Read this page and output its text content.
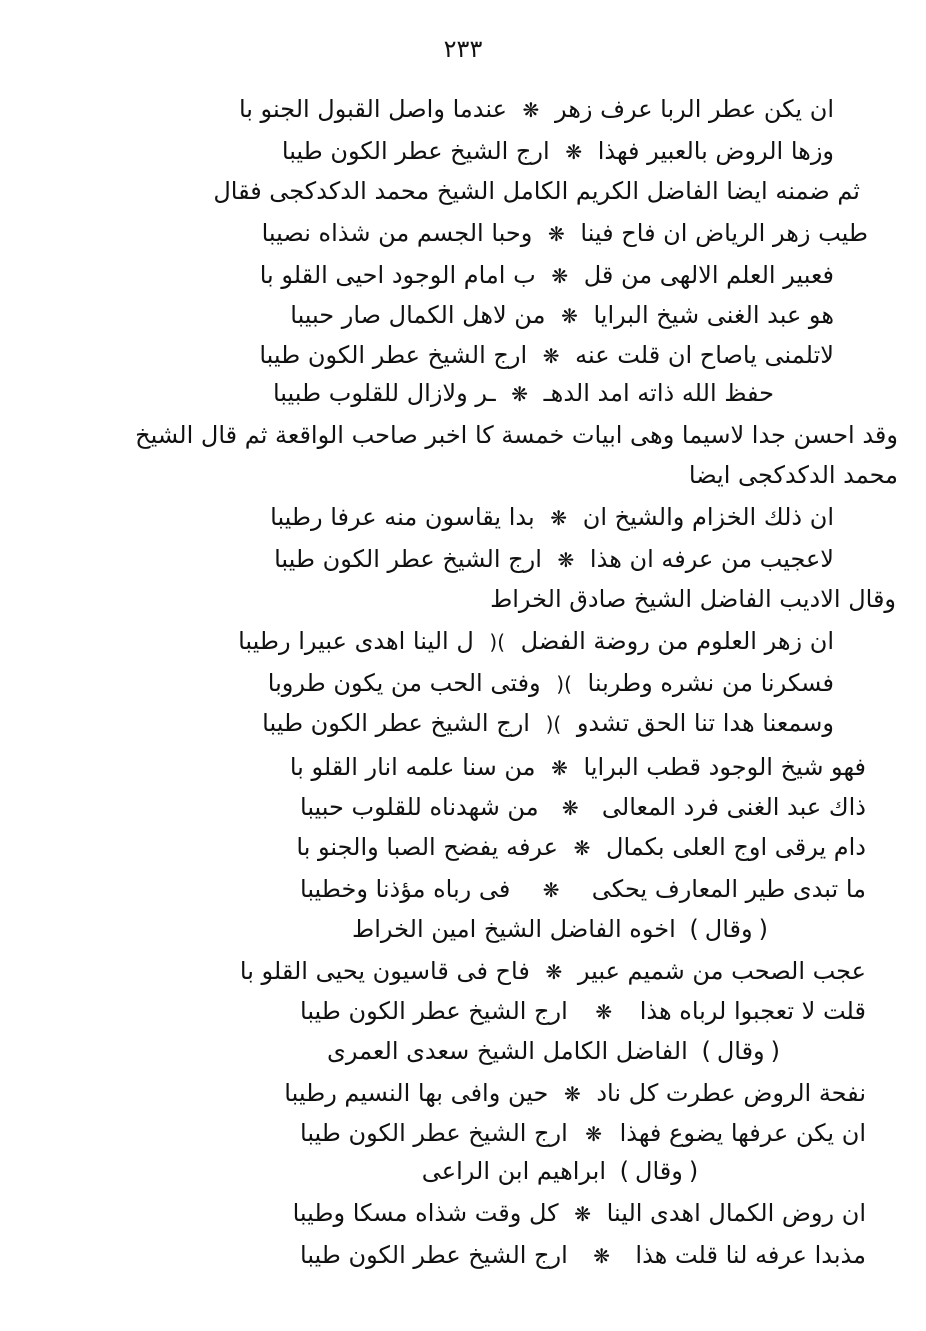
٢٣٣
ان يكن عطر الربا عرف زهر ❋ عندما واصل القبول الجنو با
وزها الروض بالعبير فهذا ❋ ارج الشيخ عطر الكون طيبا
ثم ضمنه ايضا الفاضل الكريم الكامل الشيخ محمد الدكدكجى فقال
طيب زهر الرياض ان فاح فينا ❋ وحبا الجسم من شذاه نصيبا
فعبير العلم الالهى من قل ❋ ب امام الوجود احيى القلو با
هو عبد الغنى شيخ البرايا ❋ من لاهل الكمال صار حبيبا
لاتلمنى ياصاح ان قلت عنه ❋ ارج الشيخ عطر الكون طيبا
حفظ الله ذاته امد الدهـ ❋ ـر ولازال للقلوب طبيبا
وقد احسن جدا لاسيما وهى ابيات خمسة كا اخبر صاحب الواقعة ثم قال الشيخ
محمد الدكدكجى ايضا
ان ذلك الخزام والشيخ ان ❋ بدا يقاسون منه عرفا رطيبا
لاعجيب من عرفه ان هذا ❋ ارج الشيخ عطر الكون طيبا
وقال الاديب الفاضل الشيخ صادق الخراط
ان زهر العلوم من روضة الفضل )( ل الينا اهدى عبيرا رطيبا
فسكرنا من نشره وطربنا )( وفتى الحب من يكون طروبا
وسمعنا هدا تنا الحق تشدو )( ارج الشيخ عطر الكون طيبا
فهو شيخ الوجود قطب البرايا ❋ من سنا علمه انار القلو با
ذاك عبد الغنى فرد المعالى ❋ من شهدناه للقلوب حبيبا
دام يرقى اوج العلى بكمال ❋ عرفه يفضح الصبا والجنو با
ما تبدى طير المعارف يحكى ❋ فى رباه مؤذنا وخطيبا
(وقال) اخوه الفاضل الشيخ امين الخراط
عجب الصحب من شميم عبير ❋ فاح فى قاسيون يحيى القلو با
قلت لا تعجبوا لرباه هذا ❋ ارج الشيخ عطر الكون طيبا
(وقال) الفاضل الكامل الشيخ سعدى العمرى
نفحة الروض عطرت كل ناد ❋ حين وافى بها النسيم رطيبا
ان يكن عرفها يضوع فهذا ❋ ارج الشيخ عطر الكون طيبا
(وقال) ابراهيم ابن الراعى
ان روض الكمال اهدى الينا ❋ كل وقت شذاه مسكا وطيبا
مذبدا عرفه لنا قلت هذا ❋ ارج الشيخ عطر الكون طيبا
